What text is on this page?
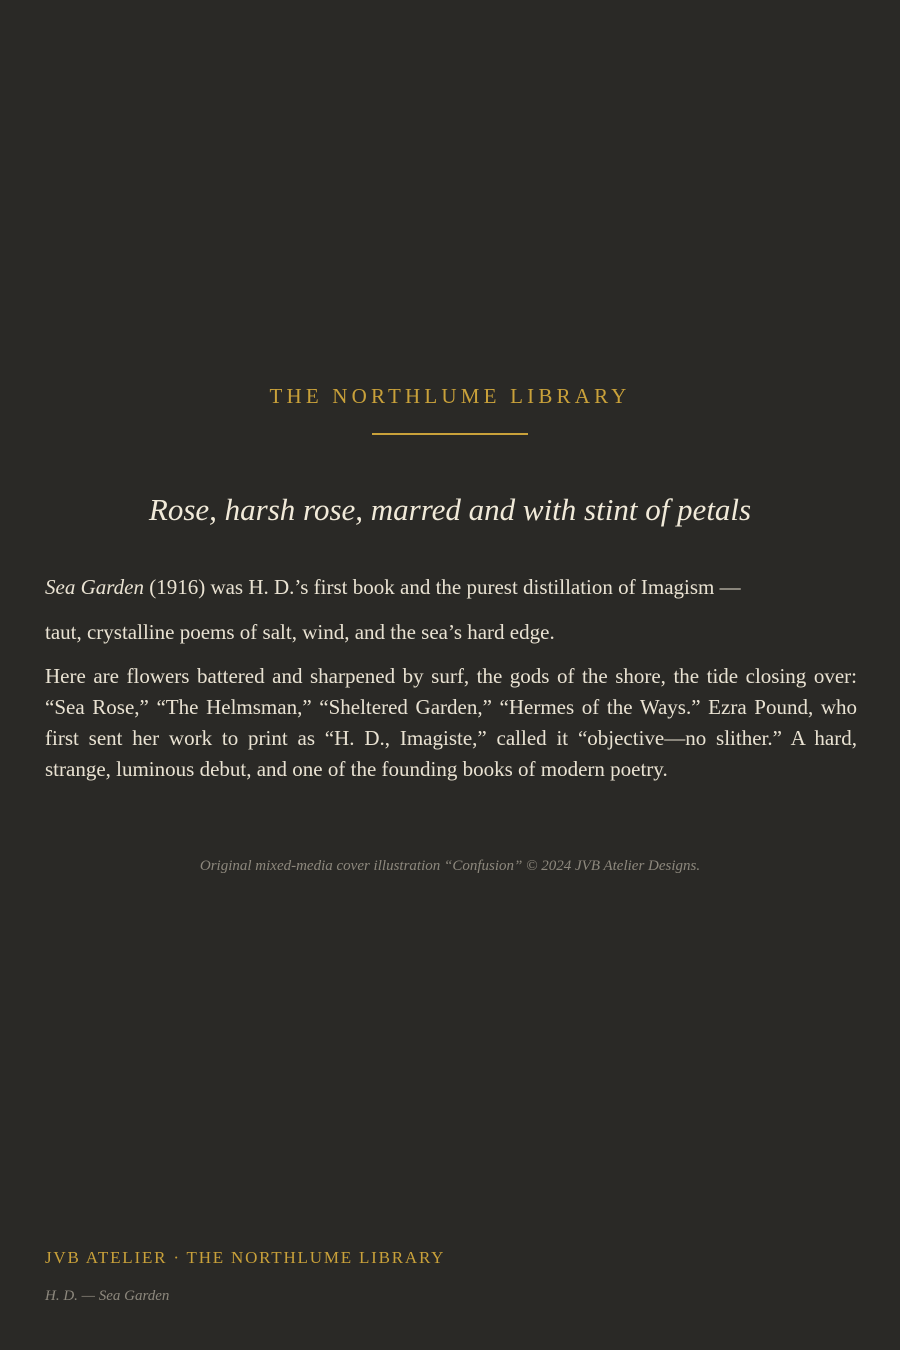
THE NORTHLUME LIBRARY
Rose, harsh rose, marred and with stint of petals
Sea Garden (1916) was H. D.’s first book and the purest distillation of Imagism —
taut, crystalline poems of salt, wind, and the sea’s hard edge.
Here are flowers battered and sharpened by surf, the gods of the shore, the tide closing over: “Sea Rose,” “The Helmsman,” “Sheltered Garden,” “Hermes of the Ways.” Ezra Pound, who first sent her work to print as “H. D., Imagiste,” called it “objective—no slither.” A hard, strange, luminous debut, and one of the founding books of modern poetry.
Original mixed-media cover illustration “Confusion” © 2024 JVB Atelier Designs.
JVB ATELIER · THE NORTHLUME LIBRARY
H. D. — Sea Garden
